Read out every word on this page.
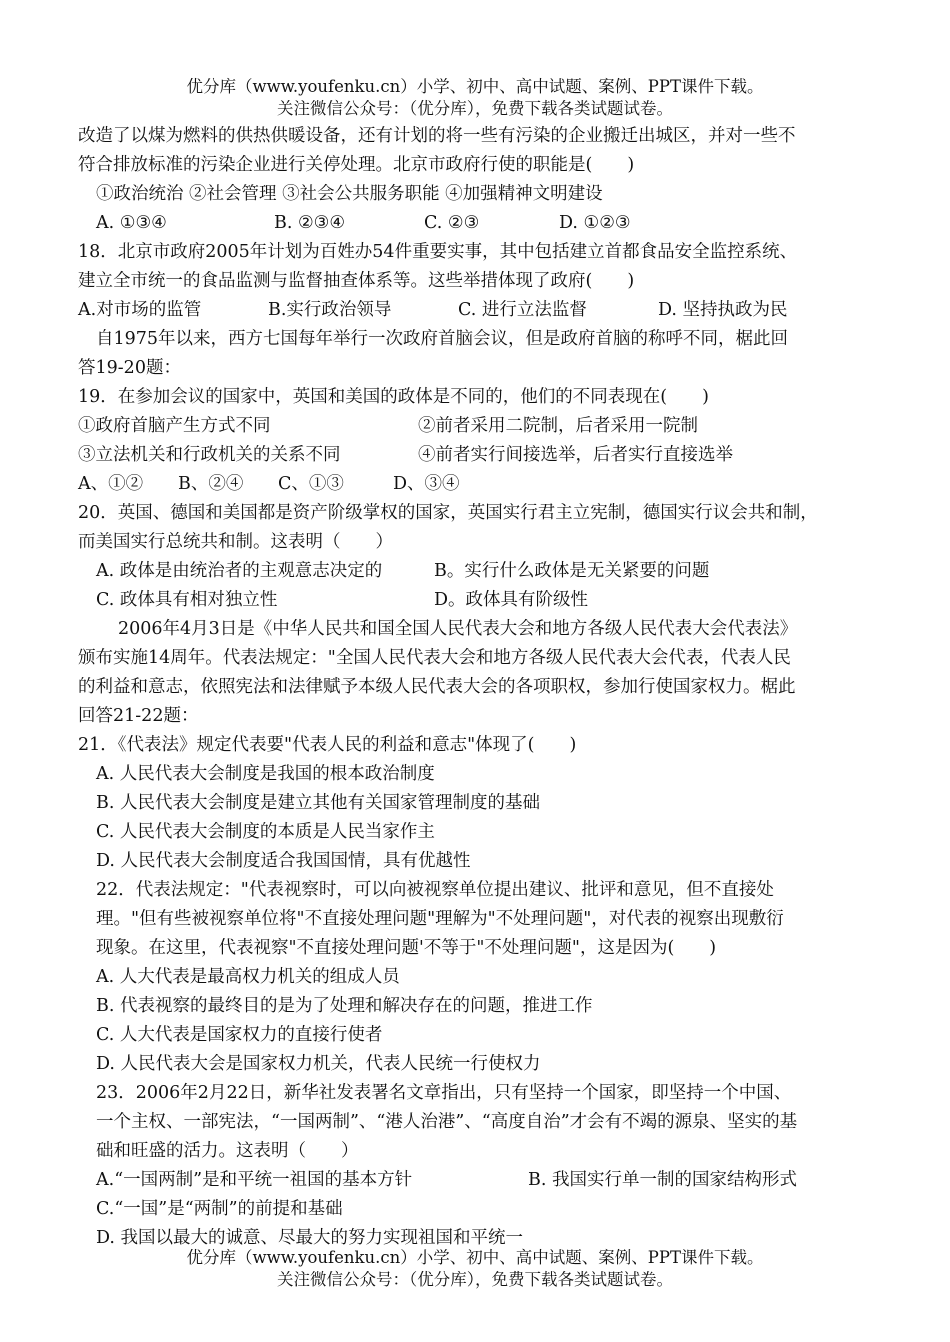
优分库（www.youfenku.cn）小学、初中、高中试题、案例、PPT课件下载。
关注微信公众号：（优分库），免费下载各类试题试卷。
改造了以煤为燃料的供热供暖设备，还有计划的将一些有污染的企业搬迁出城区，并对一些不
符合排放标准的污染企业进行关停处理。北京市政府行使的职能是(　　)
①政治统治 ②社会管理 ③社会公共服务职能 ④加强精神文明建设
A. ①③④	B. ②③④	C. ②③	D. ①②③
18．北京市政府2005年计划为百姓办54件重要实事，其中包括建立首都食品安全监控系统、
建立全市统一的食品监测与监督抽查体系等。这些举措体现了政府(　　)
A.对市场的监管	B.实行政治领导	C. 进行立法监督	D. 坚持执政为民
自1975年以来，西方七国每年举行一次政府首脑会议，但是政府首脑的称呼不同，椐此回
答19-20题：
19．在参加会议的国家中，英国和美国的政体是不同的，他们的不同表现在(　　)
①政府首脑产生方式不同	②前者采用二院制，后者采用一院制
③立法机关和行政机关的关系不同	④前者实行间接选举，后者实行直接选举
A、①②	B、②④	C、①③	D、③④
20．英国、德国和美国都是资产阶级掌权的国家，英国实行君主立宪制，德国实行议会共和制，
而美国实行总统共和制。这表明（　　）
A. 政体是由统治者的主观意志决定的	B。实行什么政体是无关紧要的问题
C. 政体具有相对独立性	D。政体具有阶级性
2006年4月3日是《中华人民共和国全国人民代表大会和地方各级人民代表大会代表法》
颁布实施14周年。代表法规定："全国人民代表大会和地方各级人民代表大会代表，代表人民
的利益和意志，依照宪法和法律赋予本级人民代表大会的各项职权，参加行使国家权力。椐此
回答21-22题：
21．《代表法》规定代表要"代表人民的利益和意志"体现了(　　)
A. 人民代表大会制度是我国的根本政治制度
B. 人民代表大会制度是建立其他有关国家管理制度的基础
C. 人民代表大会制度的本质是人民当家作主
D. 人民代表大会制度适合我国国情，具有优越性
22．代表法规定："代表视察时，可以向被视察单位提出建议、批评和意见，但不直接处
理。"但有些被视察单位将"不直接处理问题"理解为"不处理问题"，对代表的视察出现敷衍
现象。在这里，代表视察"不直接处理问题'不等于"不处理问题"，这是因为(　　)
A. 人大代表是最高权力机关的组成人员
B. 代表视察的最终目的是为了处理和解决存在的问题，推进工作
C. 人大代表是国家权力的直接行使者
D. 人民代表大会是国家权力机关，代表人民统一行使权力
23．2006年2月22日，新华社发表署名文章指出，只有坚持一个国家，即坚持一个中国、
一个主权、一部宪法，“一国两制”、“港人治港”、“高度自治”才会有不竭的源泉、坚实的基
础和旺盛的活力。这表明（　　）
A.“一国两制”是和平统一祖国的基本方针	B. 我国实行单一制的国家结构形式
C.“一国”是“两制”的前提和基础
D. 我国以最大的诚意、尽最大的努力实现祖国和平统一
优分库（www.youfenku.cn）小学、初中、高中试题、案例、PPT课件下载。
关注微信公众号：（优分库），免费下载各类试题试卷。
